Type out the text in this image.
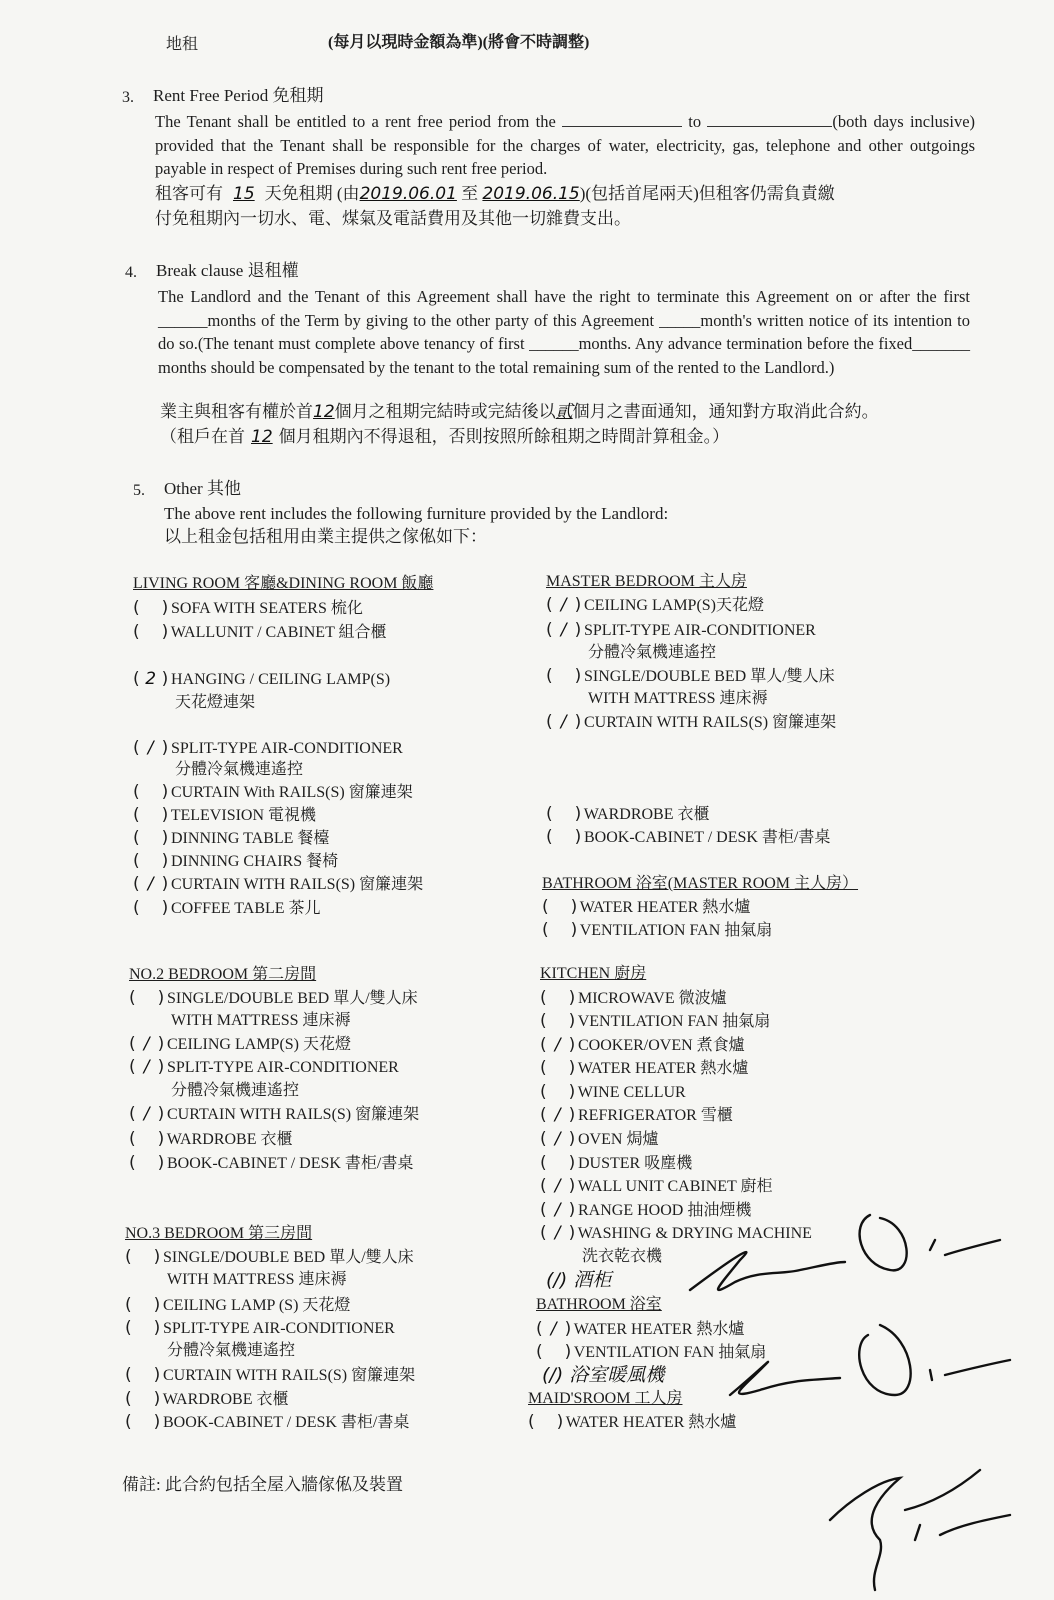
地租	(每月以現時金額為準)(將會不時調整)
3. Rent Free Period 免租期
The Tenant shall be entitled to a rent free period from the	to	(both days inclusive) provided that the Tenant shall be responsible for the charges of water, electricity, gas, telephone and other outgoings payable in respect of Premises during such rent free period.
租客可有 15 天免租期 (由2019.06.01 至 2019.06.15)(包括首尾兩天)但租客仍需負責繳
付免租期內一切水、電、煤氣及電話費用及其他一切雜費支出。
4. Break clause 退租權
The Landlord and the Tenant of this Agreement shall have the right to terminate this Agreement on or after the first ______months of the Term by giving to the other party of this Agreement _____month's written notice of its intention to do so.(The tenant must complete above tenancy of first ______months. Any advance termination before the fixed_______ months should be compensated by the tenant to the total remaining sum of the rented to the Landlord.)
業主與租客有權於首12個月之租期完結時或完結後以貳個月之書面通知，通知對方取消此合約。
（租戶在首 12 個月租期內不得退租，否則按照所餘租期之時間計算租金。）
5. Other 其他
The above rent includes the following furniture provided by the Landlord:
以上租金包括租用由業主提供之傢俬如下：
LIVING ROOM 客廳&DINING ROOM 飯廳
( ) SOFA WITH SEATERS 梳化
( ) WALLUNIT / CABINET 組合櫃
( 2 ) HANGING / CEILING LAMP(S)
天花燈連架
( / ) SPLIT-TYPE AIR-CONDITIONER
分體冷氣機連遙控
( ) CURTAIN With RAILS(S) 窗簾連架
( ) TELEVISION 電視機
( ) DINNING TABLE 餐檯
( ) DINNING CHAIRS 餐椅
( / ) CURTAIN WITH RAILS(S) 窗簾連架
( ) COFFEE TABLE 茶儿
NO.2 BEDROOM 第二房間
( ) SINGLE/DOUBLE BED 單人/雙人床
WITH MATTRESS 連床褥
( / ) CEILING LAMP(S) 天花燈
( / ) SPLIT-TYPE AIR-CONDITIONER
分體冷氣機連遙控
( / ) CURTAIN WITH RAILS(S) 窗簾連架
( ) WARDROBE 衣櫃
( ) BOOK-CABINET / DESK 書柜/書桌
NO.3 BEDROOM 第三房間
( ) SINGLE/DOUBLE BED 單人/雙人床
WITH MATTRESS 連床褥
( ) CEILING LAMP (S) 天花燈
( ) SPLIT-TYPE AIR-CONDITIONER
分體冷氣機連遙控
( ) CURTAIN WITH RAILS(S) 窗簾連架
( ) WARDROBE 衣櫃
( ) BOOK-CABINET / DESK 書柜/書桌
MASTER BEDROOM 主人房
( / ) CEILING LAMP(S)天花燈
( / ) SPLIT-TYPE AIR-CONDITIONER
分體冷氣機連遙控
( ) SINGLE/DOUBLE BED 單人/雙人床
WITH MATTRESS 連床褥
( / ) CURTAIN WITH RAILS(S) 窗簾連架
( ) WARDROBE 衣櫃
( ) BOOK-CABINET / DESK 書柜/書桌
BATHROOM 浴室(MASTER ROOM 主人房）
( ) WATER HEATER 熱水爐
( ) VENTILATION FAN 抽氣扇
KITCHEN 廚房
( ) MICROWAVE 微波爐
( ) VENTILATION FAN 抽氣扇
( / ) COOKER/OVEN 煮食爐
( ) WATER HEATER 熱水爐
( ) WINE CELLUR
( / ) REFRIGERATOR 雪櫃
( / ) OVEN 焗爐
( ) DUSTER 吸塵機
( / ) WALL UNIT CABINET 廚柜
( / ) RANGE HOOD 抽油煙機
( / ) WASHING & DRYING MACHINE
洗衣乾衣機
(/) 酒柜
BATHROOM 浴室
( / ) WATER HEATER 熱水爐
( ) VENTILATION FAN 抽氣扇
(/) 浴室暖風機
MAID'SROOM 工人房
( ) WATER HEATER 熱水爐
備註: 此合約包括全屋入牆傢俬及裝置
